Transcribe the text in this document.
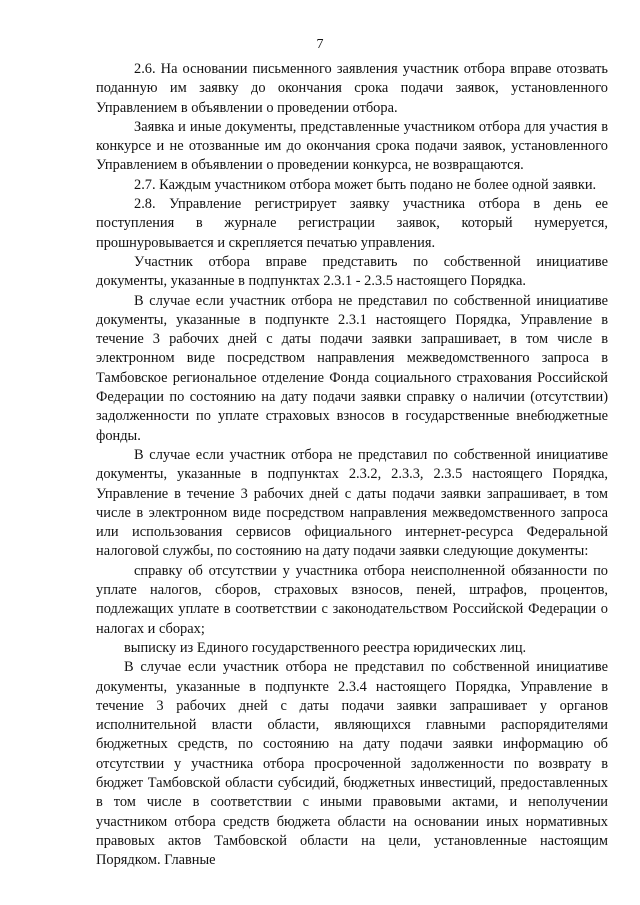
7

2.6. На основании письменного заявления участник отбора вправе отозвать поданную им заявку до окончания срока подачи заявок, установленного Управлением в объявлении о проведении отбора.

Заявка и иные документы, представленные участником отбора для участия в конкурсе и не отозванные им до окончания срока подачи заявок, установленного Управлением в объявлении о проведении конкурса, не возвращаются.

2.7. Каждым участником отбора может быть подано не более одной заявки.

2.8. Управление регистрирует заявку участника отбора в день ее поступления в журнале регистрации заявок, который нумеруется, прошнуровывается и скрепляется печатью управления.

Участник отбора вправе представить по собственной инициативе документы, указанные в подпунктах 2.3.1 - 2.3.5 настоящего Порядка.

В случае если участник отбора не представил по собственной инициативе документы, указанные в подпункте 2.3.1 настоящего Порядка, Управление в течение 3 рабочих дней с даты подачи заявки запрашивает, в том числе в электронном виде посредством направления межведомственного запроса в Тамбовское региональное отделение Фонда социального страхования Российской Федерации по состоянию на дату подачи заявки справку о наличии (отсутствии) задолженности по уплате страховых взносов в государственные внебюджетные фонды.

В случае если участник отбора не представил по собственной инициативе документы, указанные в подпунктах 2.3.2, 2.3.3, 2.3.5 настоящего Порядка, Управление в течение 3 рабочих дней с даты подачи заявки запрашивает, в том числе в электронном виде посредством направления межведомственного запроса или использования сервисов официального интернет-ресурса Федеральной налоговой службы, по состоянию на дату подачи заявки следующие документы:

справку об отсутствии у участника отбора неисполненной обязанности по уплате налогов, сборов, страховых взносов, пеней, штрафов, процентов, подлежащих уплате в соответствии с законодательством Российской Федерации о налогах и сборах;

выписку из Единого государственного реестра юридических лиц.

В случае если участник отбора не представил по собственной инициативе документы, указанные в подпункте 2.3.4 настоящего Порядка, Управление в течение 3 рабочих дней с даты подачи заявки запрашивает у органов исполнительной власти области, являющихся главными распорядителями бюджетных средств, по состоянию на дату подачи заявки информацию об отсутствии у участника отбора просроченной задолженности по возврату в бюджет Тамбовской области субсидий, бюджетных инвестиций, предоставленных в том числе в соответствии с иными правовыми актами, и неполучении участником отбора средств бюджета области на основании иных нормативных правовых актов Тамбовской области на цели, установленные настоящим Порядком. Главные
